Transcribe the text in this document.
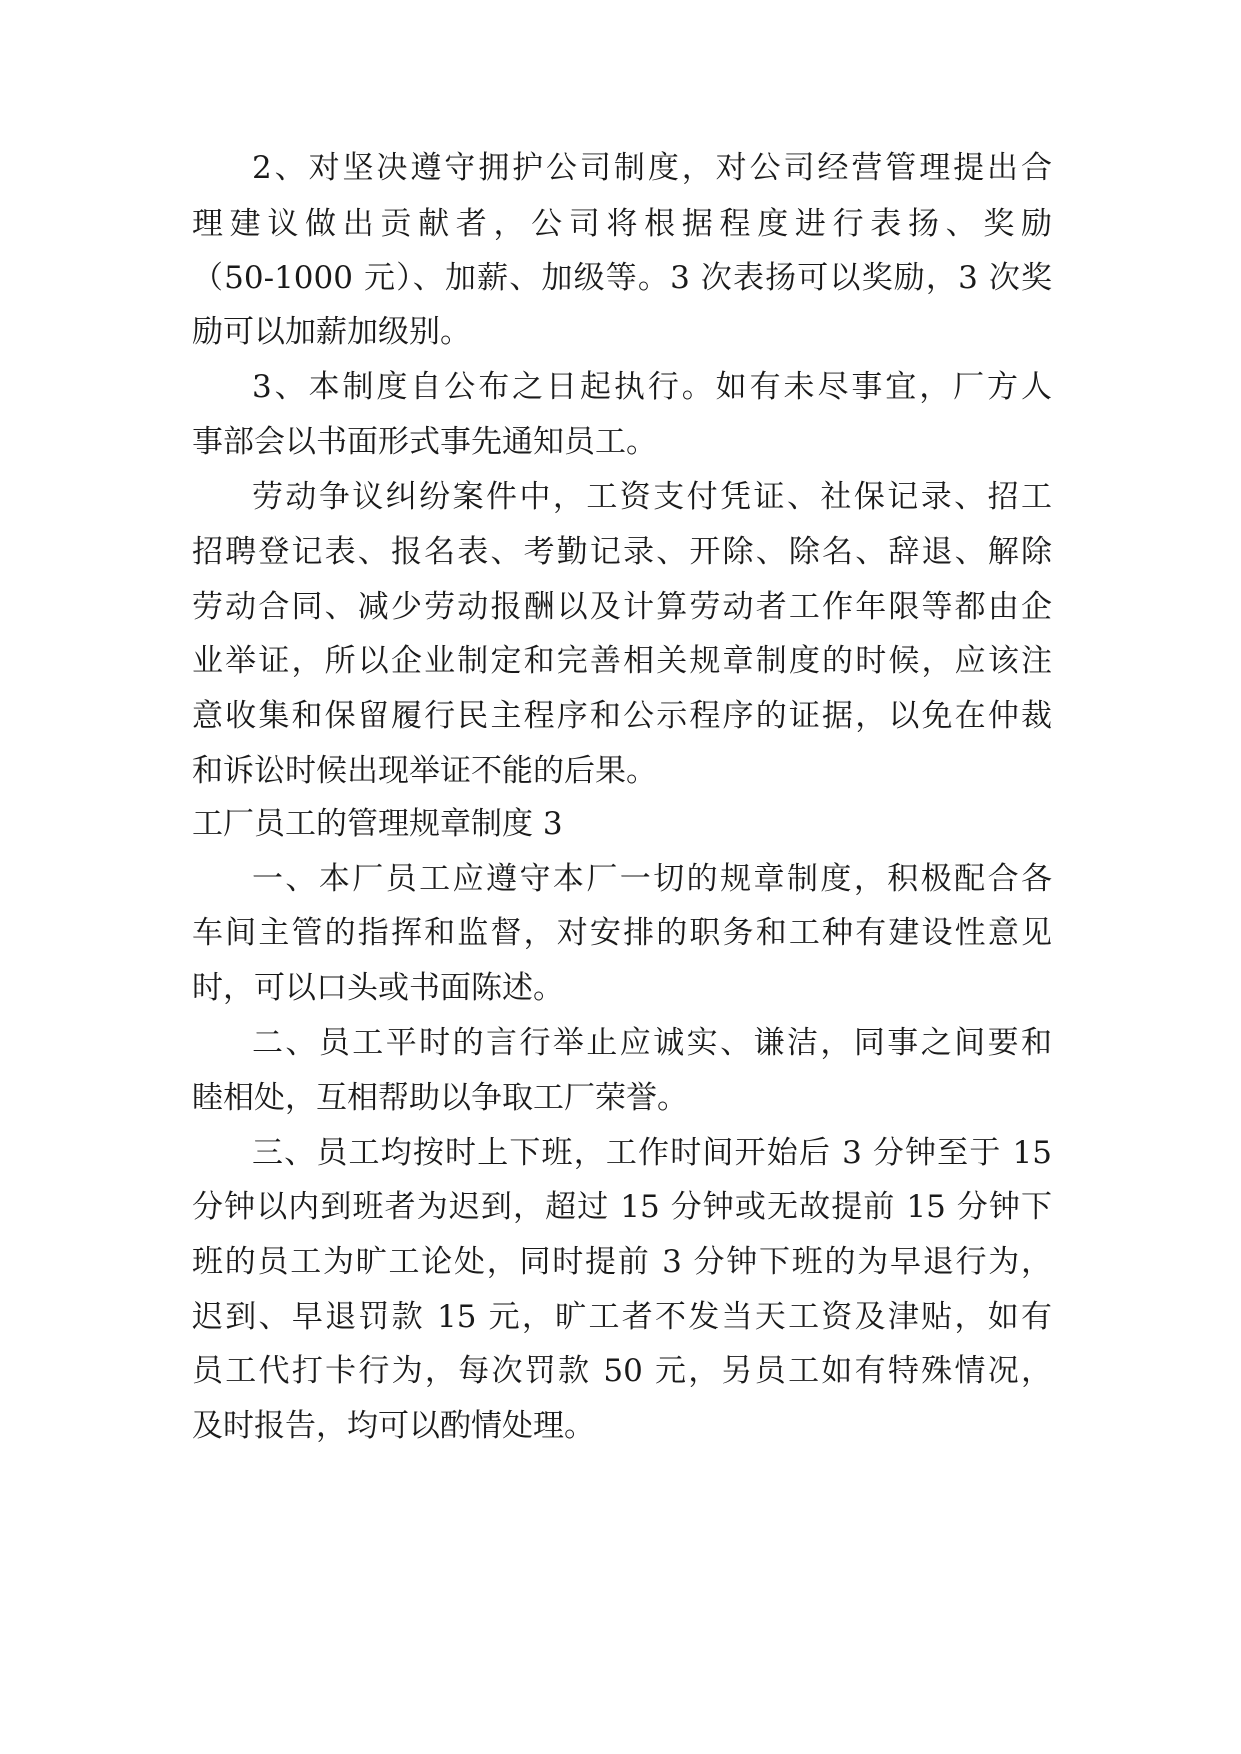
2、对坚决遵守拥护公司制度，对公司经营管理提出合
理建议做出贡献者，公司将根据程度进行表扬、奖励
（50-1000 元）、加薪、加级等。3 次表扬可以奖励，3 次奖
励可以加薪加级别。
3、本制度自公布之日起执行。如有未尽事宜，厂方人
事部会以书面形式事先通知员工。
劳动争议纠纷案件中，工资支付凭证、社保记录、招工
招聘登记表、报名表、考勤记录、开除、除名、辞退、解除
劳动合同、减少劳动报酬以及计算劳动者工作年限等都由企
业举证，所以企业制定和完善相关规章制度的时候，应该注
意收集和保留履行民主程序和公示程序的证据，以免在仲裁
和诉讼时候出现举证不能的后果。
工厂员工的管理规章制度 3
一、本厂员工应遵守本厂一切的规章制度，积极配合各
车间主管的指挥和监督，对安排的职务和工种有建设性意见
时，可以口头或书面陈述。
二、员工平时的言行举止应诚实、谦洁，同事之间要和
睦相处，互相帮助以争取工厂荣誉。
三、员工均按时上下班，工作时间开始后 3 分钟至于 15
分钟以内到班者为迟到，超过 15 分钟或无故提前 15 分钟下
班的员工为旷工论处，同时提前 3 分钟下班的为早退行为，
迟到、早退罚款 15 元，旷工者不发当天工资及津贴，如有
员工代打卡行为，每次罚款 50 元，另员工如有特殊情况，
及时报告，均可以酌情处理。
